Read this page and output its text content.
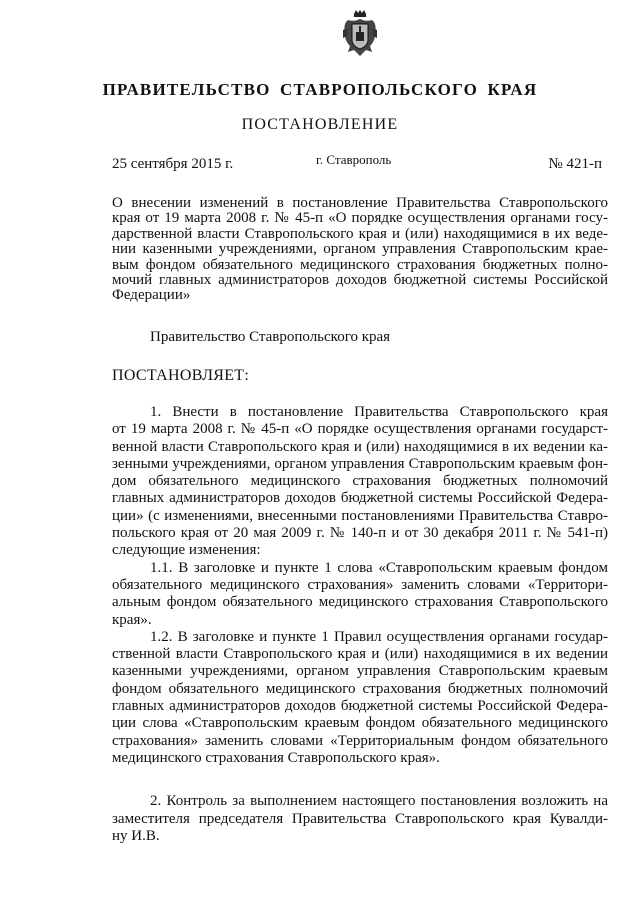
ПРАВИТЕЛЬСТВО СТАВРОПОЛЬСКОГО КРАЯ
ПОСТАНОВЛЕНИЕ
25 сентября 2015 г.	г. Ставрополь	№ 421-п
О внесении изменений в постановление Правительства Ставропольского
края от 19 марта 2008 г. № 45-п «О порядке осуществления органами госу-
дарственной власти Ставропольского края и (или) находящимися в их веде-
нии казенными учреждениями, органом управления Ставропольским крае-
вым фондом обязательного медицинского страхования бюджетных полно-
мочий главных администраторов доходов бюджетной системы Российской
Федерации»
Правительство Ставропольского края
ПОСТАНОВЛЯЕТ:
1. Внести в постановление Правительства Ставропольского края
от 19 марта 2008 г. № 45-п «О порядке осуществления органами государст-
венной власти Ставропольского края и (или) находящимися в их ведении ка-
зенными учреждениями, органом управления Ставропольским краевым фон-
дом обязательного медицинского страхования бюджетных полномочий
главных администраторов доходов бюджетной системы Российской Федера-
ции» (с изменениями, внесенными постановлениями Правительства Ставро-
польского края от 20 мая 2009 г. № 140-п и от 30 декабря 2011 г. № 541-п)
следующие изменения:
1.1. В заголовке и пункте 1 слова «Ставропольским краевым фондом
обязательного медицинского страхования» заменить словами «Территори-
альным фондом обязательного медицинского страхования Ставропольского
края».
1.2. В заголовке и пункте 1 Правил осуществления органами государ-
ственной власти Ставропольского края и (или) находящимися в их ведении
казенными учреждениями, органом управления Ставропольским краевым
фондом обязательного медицинского страхования бюджетных полномочий
главных администраторов доходов бюджетной системы Российской Федера-
ции слова «Ставропольским краевым фондом обязательного медицинского
страхования» заменить словами «Территориальным фондом обязательного
медицинского страхования Ставропольского края».
2. Контроль за выполнением настоящего постановления возложить на
заместителя председателя Правительства Ставропольского края Кувалди-
ну И.В.
